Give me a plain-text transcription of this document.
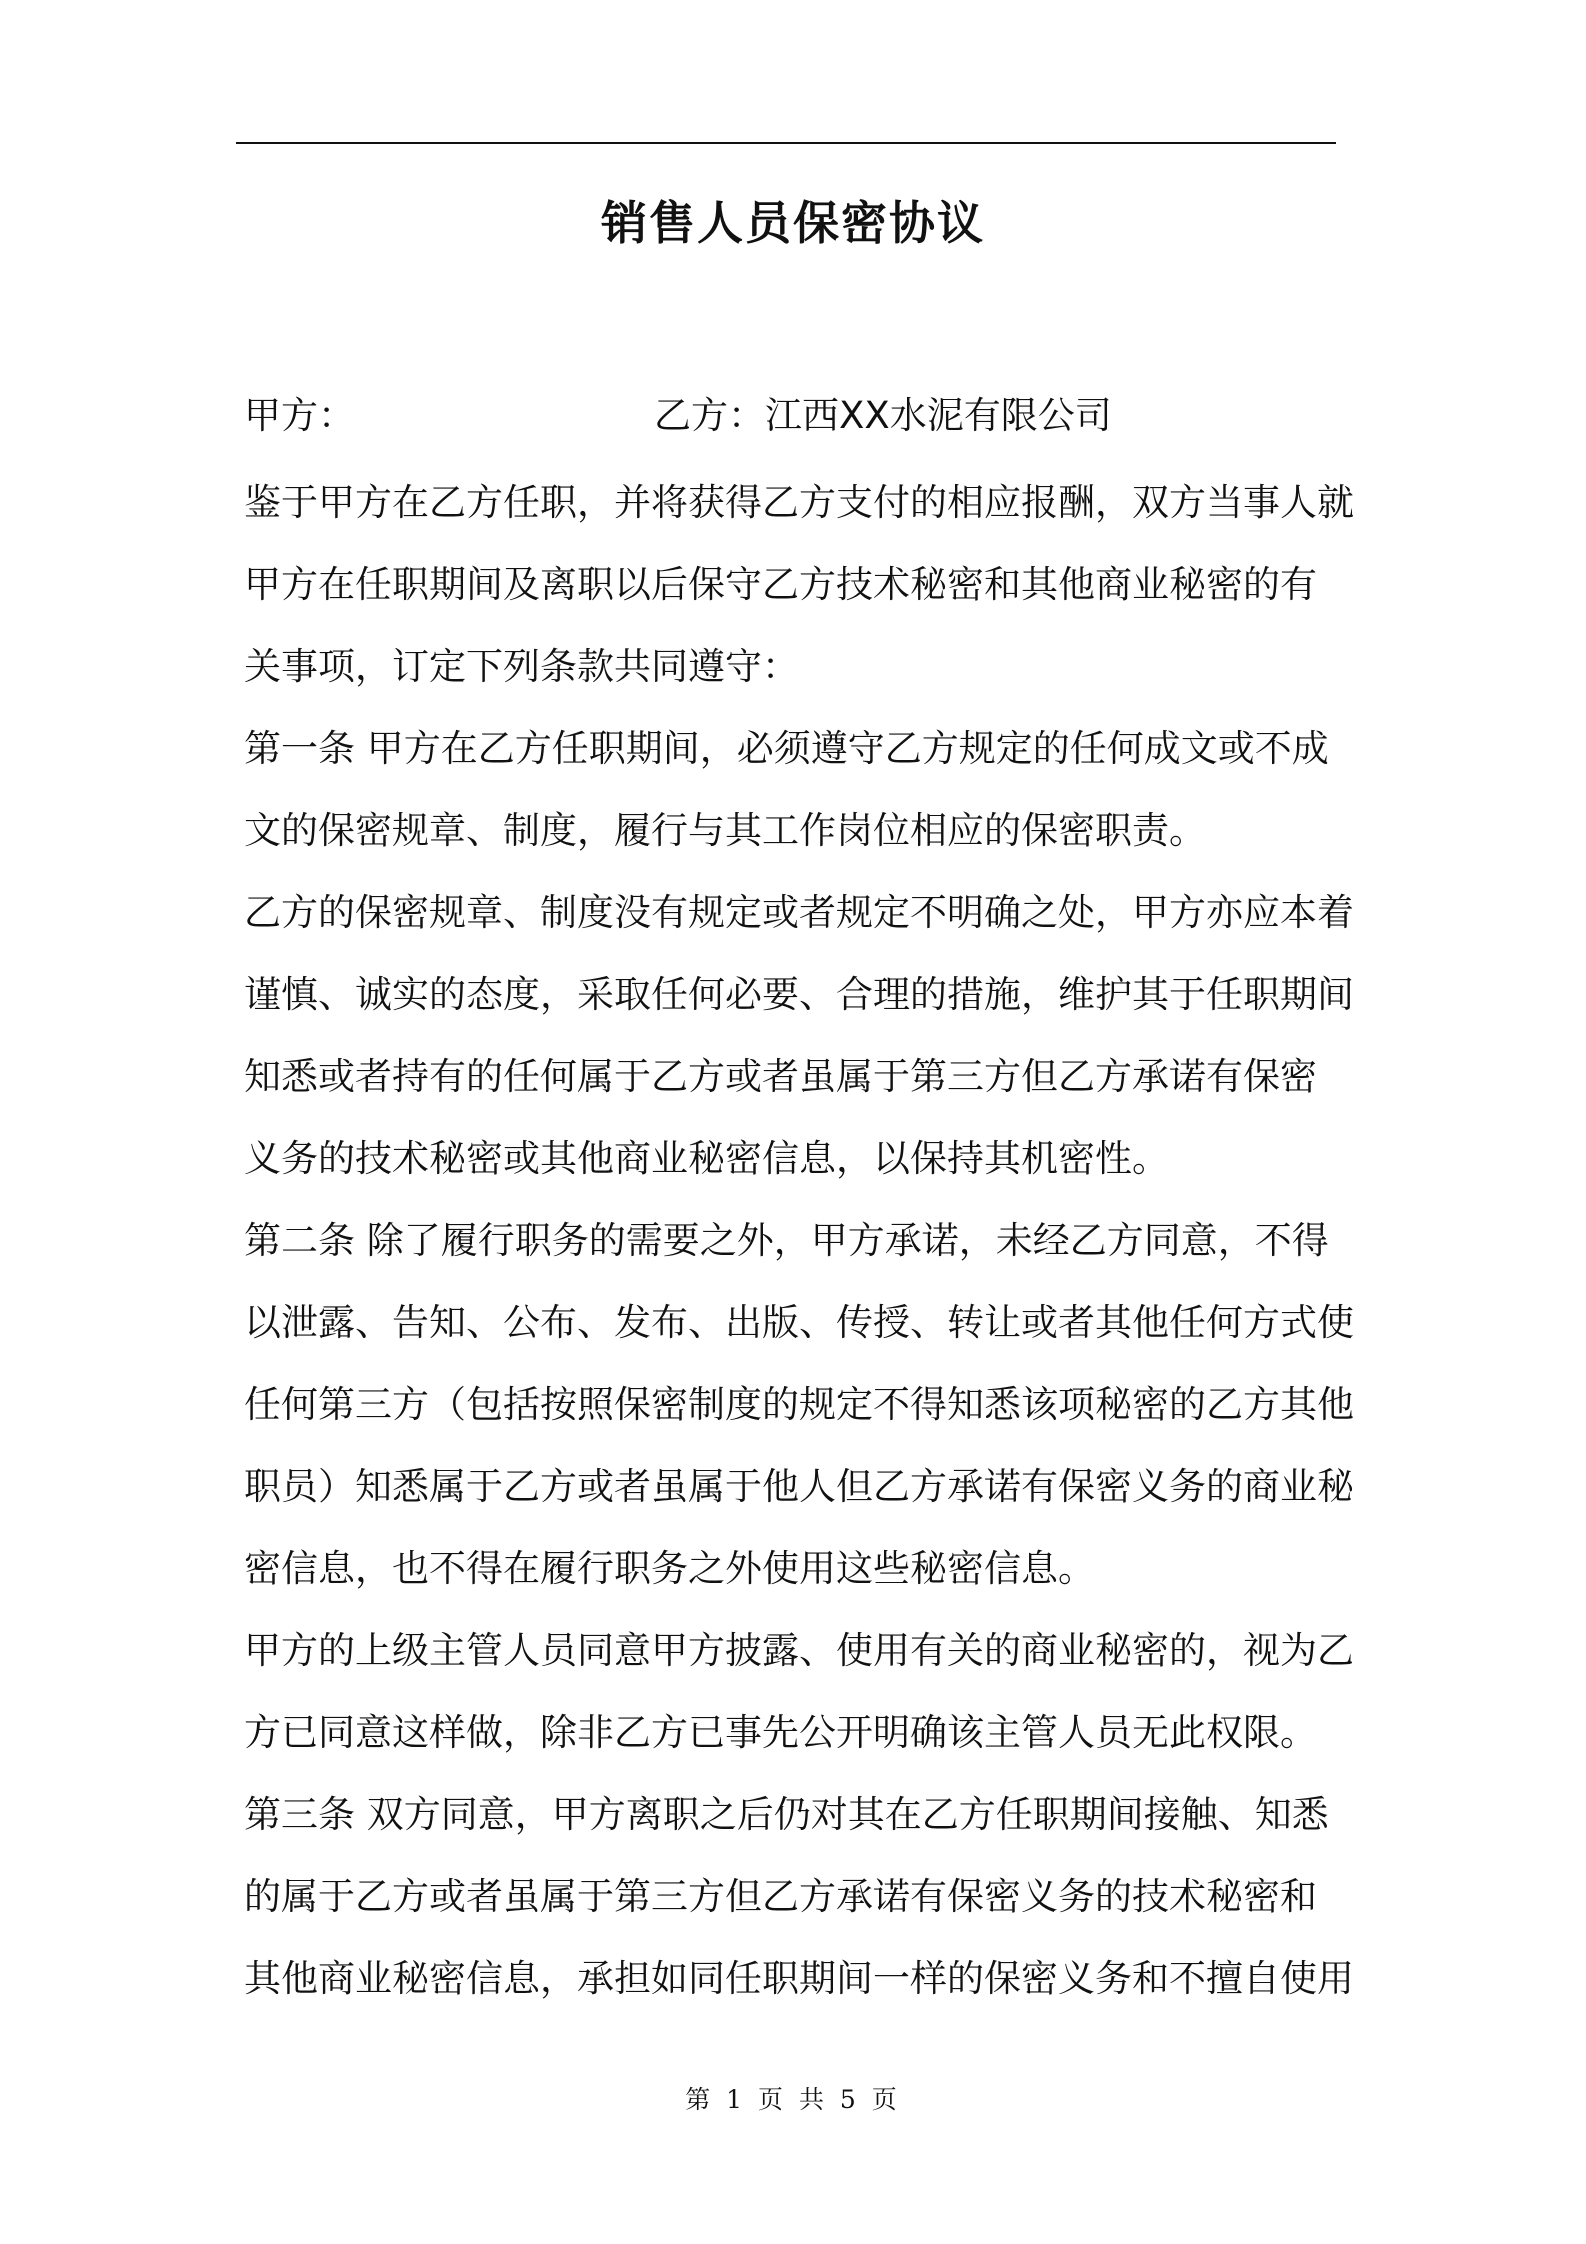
销售人员保密协议
甲方：	乙方：江西XX水泥有限公司
鉴于甲方在乙方任职，并将获得乙方支付的相应报酬，双方当事人就
甲方在任职期间及离职以后保守乙方技术秘密和其他商业秘密的有
关事项，订定下列条款共同遵守：
第一条 甲方在乙方任职期间，必须遵守乙方规定的任何成文或不成
文的保密规章、制度，履行与其工作岗位相应的保密职责。
乙方的保密规章、制度没有规定或者规定不明确之处，甲方亦应本着
谨慎、诚实的态度，采取任何必要、合理的措施，维护其于任职期间
知悉或者持有的任何属于乙方或者虽属于第三方但乙方承诺有保密
义务的技术秘密或其他商业秘密信息，以保持其机密性。
第二条 除了履行职务的需要之外，甲方承诺，未经乙方同意，不得
以泄露、告知、公布、发布、出版、传授、转让或者其他任何方式使
任何第三方（包括按照保密制度的规定不得知悉该项秘密的乙方其他
职员）知悉属于乙方或者虽属于他人但乙方承诺有保密义务的商业秘
密信息，也不得在履行职务之外使用这些秘密信息。
甲方的上级主管人员同意甲方披露、使用有关的商业秘密的，视为乙
方已同意这样做，除非乙方已事先公开明确该主管人员无此权限。
第三条 双方同意，甲方离职之后仍对其在乙方任职期间接触、知悉
的属于乙方或者虽属于第三方但乙方承诺有保密义务的技术秘密和
其他商业秘密信息，承担如同任职期间一样的保密义务和不擅自使用
第 1 页 共 5 页
